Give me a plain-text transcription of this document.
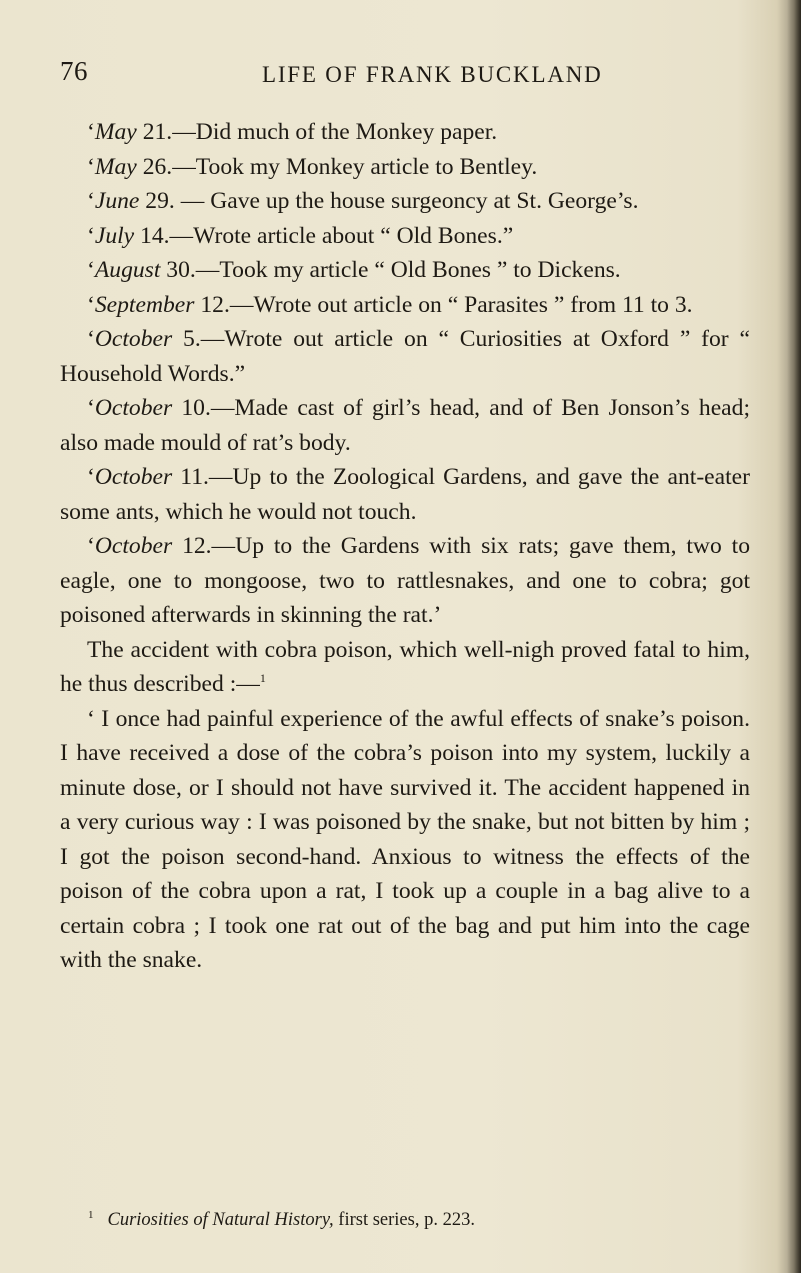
76	LIFE OF FRANK BUCKLAND

‘May 21.—Did much of the Monkey paper.

‘May 26.—Took my Monkey article to Bentley.

‘June 29. — Gave up the house surgeoncy at St. George’s.

‘July 14.—Wrote article about “ Old Bones.”

‘August 30.—Took my article “ Old Bones ” to Dickens.

‘September 12.—Wrote out article on “ Parasites ” from 11 to 3.

‘October 5.—Wrote out article on “ Curiosities at Oxford ” for “ Household Words.”

‘October 10.—Made cast of girl’s head, and of Ben Jonson’s head; also made mould of rat’s body.

‘October 11.—Up to the Zoological Gardens, and gave the ant-eater some ants, which he would not touch.

‘October 12.—Up to the Gardens with six rats; gave them, two to eagle, one to mongoose, two to rattlesnakes, and one to cobra; got poisoned afterwards in skinning the rat.’

The accident with cobra poison, which well-nigh proved fatal to him, he thus described :—$^1$

‘ I once had painful experience of the awful effects of snake’s poison. I have received a dose of the cobra’s poison into my system, luckily a minute dose, or I should not have survived it. The accident happened in a very curious way : I was poisoned by the snake, but not bitten by him ; I got the poison second-hand. Anxious to witness the effects of the poison of the cobra upon a rat, I took up a couple in a bag alive to a certain cobra ; I took one rat out of the bag and put him into the cage with the snake.

$^1$ Curiosities of Natural History, first series, p. 223.
